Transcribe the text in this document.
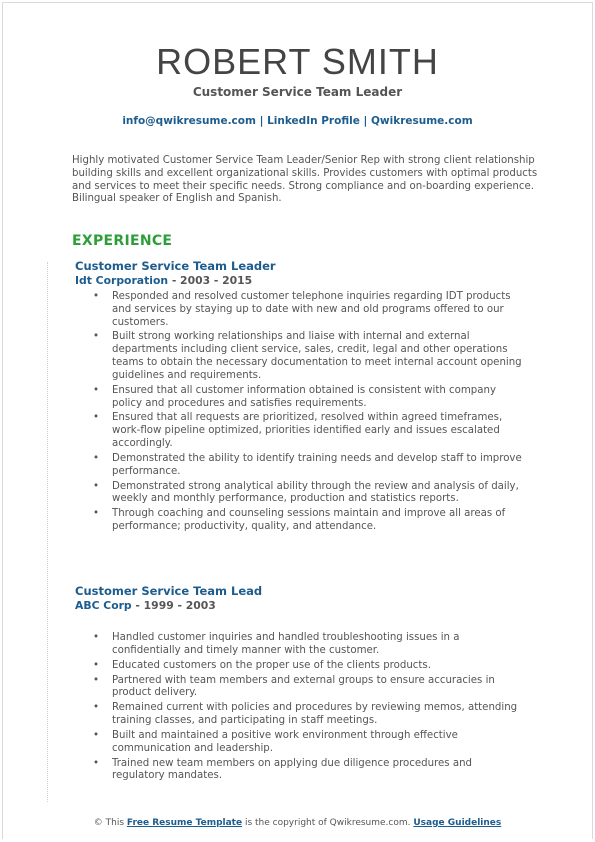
ROBERT SMITH
Customer Service Team Leader
info@qwikresume.com | LinkedIn Profile | Qwikresume.com
Highly motivated Customer Service Team Leader/Senior Rep with strong client relationship building skills and excellent organizational skills. Provides customers with optimal products and services to meet their specific needs. Strong compliance and on-boarding experience. Bilingual speaker of English and Spanish.
EXPERIENCE
Customer Service Team Leader
Idt Corporation - 2003 - 2015
• Responded and resolved customer telephone inquiries regarding IDT products and services by staying up to date with new and old programs offered to our customers.
• Built strong working relationships and liaise with internal and external departments including client service, sales, credit, legal and other operations teams to obtain the necessary documentation to meet internal account opening guidelines and requirements.
• Ensured that all customer information obtained is consistent with company policy and procedures and satisfies requirements.
• Ensured that all requests are prioritized, resolved within agreed timeframes, work-flow pipeline optimized, priorities identified early and issues escalated accordingly.
• Demonstrated the ability to identify training needs and develop staff to improve performance.
• Demonstrated strong analytical ability through the review and analysis of daily, weekly and monthly performance, production and statistics reports.
• Through coaching and counseling sessions maintain and improve all areas of performance; productivity, quality, and attendance.
Customer Service Team Lead
ABC Corp - 1999 - 2003
• Handled customer inquiries and handled troubleshooting issues in a confidentially and timely manner with the customer.
• Educated customers on the proper use of the clients products.
• Partnered with team members and external groups to ensure accuracies in product delivery.
• Remained current with policies and procedures by reviewing memos, attending training classes, and participating in staff meetings.
• Built and maintained a positive work environment through effective communication and leadership.
• Trained new team members on applying due diligence procedures and regulatory mandates.
© This Free Resume Template is the copyright of Qwikresume.com. Usage Guidelines
